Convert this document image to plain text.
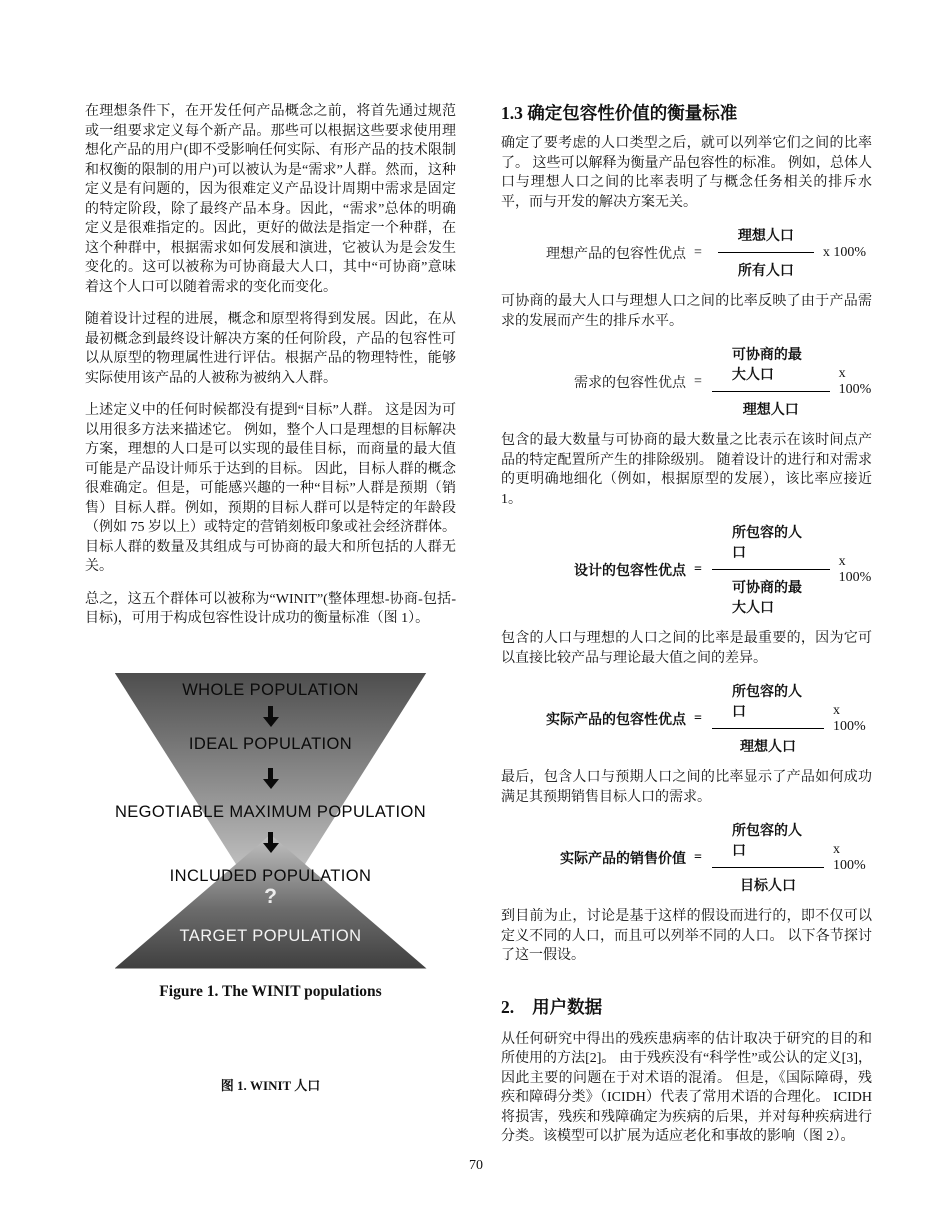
在理想条件下，在开发任何产品概念之前，将首先通过规范或一组要求定义每个新产品。那些可以根据这些要求使用理想化产品的用户(即不受影响任何实际、有形产品的技术限制和权衡的限制的用户)可以被认为是“需求”人群。然而，这种定义是有问题的，因为很难定义产品设计周期中需求是固定的特定阶段，除了最终产品本身。因此，“需求”总体的明确定义是很难指定的。因此，更好的做法是指定一个种群，在这个种群中，根据需求如何发展和演进，它被认为是会发生变化的。这可以被称为可协商最大人口，其中“可协商”意味着这个人口可以随着需求的变化而变化。

随着设计过程的进展，概念和原型将得到发展。因此，在从最初概念到最终设计解决方案的任何阶段，产品的包容性可以从原型的物理属性进行评估。根据产品的物理特性，能够实际使用该产品的人被称为被纳入人群。

上述定义中的任何时候都没有提到“目标”人群。 这是因为可以用很多方法来描述它。 例如，整个人口是理想的目标解决方案，理想的人口是可以实现的最佳目标，而商量的最大值可能是产品设计师乐于达到的目标。 因此，目标人群的概念很难确定。但是，可能感兴趣的一种“目标”人群是预期（销售）目标人群。例如，预期的目标人群可以是特定的年龄段（例如 75 岁以上）或特定的营销刻板印象或社会经济群体。 目标人群的数量及其组成与可协商的最大和所包括的人群无关。

总之，这五个群体可以被称为“WINIT”(整体理想-协商-包括-目标)，可用于构成包容性设计成功的衡量标准（图 1）。

WHOLE POPULATION
IDEAL POPULATION
NEGOTIABLE MAXIMUM POPULATION
INCLUDED POPULATION
?
TARGET POPULATION
Figure 1. The WINIT populations
图 1. WINIT 人口
1.3 确定包容性价值的衡量标准

确定了要考虑的人口类型之后，就可以列举它们之间的比率了。 这些可以解释为衡量产品包容性的标准。 例如，总体人口与理想人口之间的比率表明了与概念任务相关的排斥水平，而与开发的解决方案无关。

理想产品的包容性优点 = $\frac{\text{理想人口}}{\text{所有人口}}$ x 100%

可协商的最大人口与理想人口之间的比率反映了由于产品需求的发展而产生的排斥水平。

需求的包容性优点 = $\frac{\text{可协商的最大人口}}{\text{理想人口}}$ x 100%

包含的最大数量与可协商的最大数量之比表示在该时间点产品的特定配置所产生的排除级别。 随着设计的进行和对需求的更明确地细化（例如，根据原型的发展），该比率应接近 1。

设计的包容性优点 = $\frac{\text{所包容的人口}}{\text{可协商的最大人口}}$ x 100%

包含的人口与理想的人口之间的比率是最重要的，因为它可以直接比较产品与理论最大值之间的差异。

实际产品的包容性优点 = $\frac{\text{所包容的人口}}{\text{理想人口}}$ x 100%

最后，包含人口与预期人口之间的比率显示了产品如何成功满足其预期销售目标人口的需求。

实际产品的销售价值 = $\frac{\text{所包容的人口}}{\text{目标人口}}$ x 100%

到目前为止，讨论是基于这样的假设而进行的，即不仅可以定义不同的人口，而且可以列举不同的人口。 以下各节探讨了这一假设。

2. 用户数据

从任何研究中得出的残疾患病率的估计取决于研究的目的和所使用的方法[2]。 由于残疾没有“科学性”或公认的定义[3]，因此主要的问题在于对术语的混淆。 但是，《国际障碍，残疾和障碍分类》（ICIDH）代表了常用术语的合理化。 ICIDH 将损害，残疾和残障确定为疾病的后果，并对每种疾病进行分类。该模型可以扩展为适应老化和事故的影响（图 2）。

70
